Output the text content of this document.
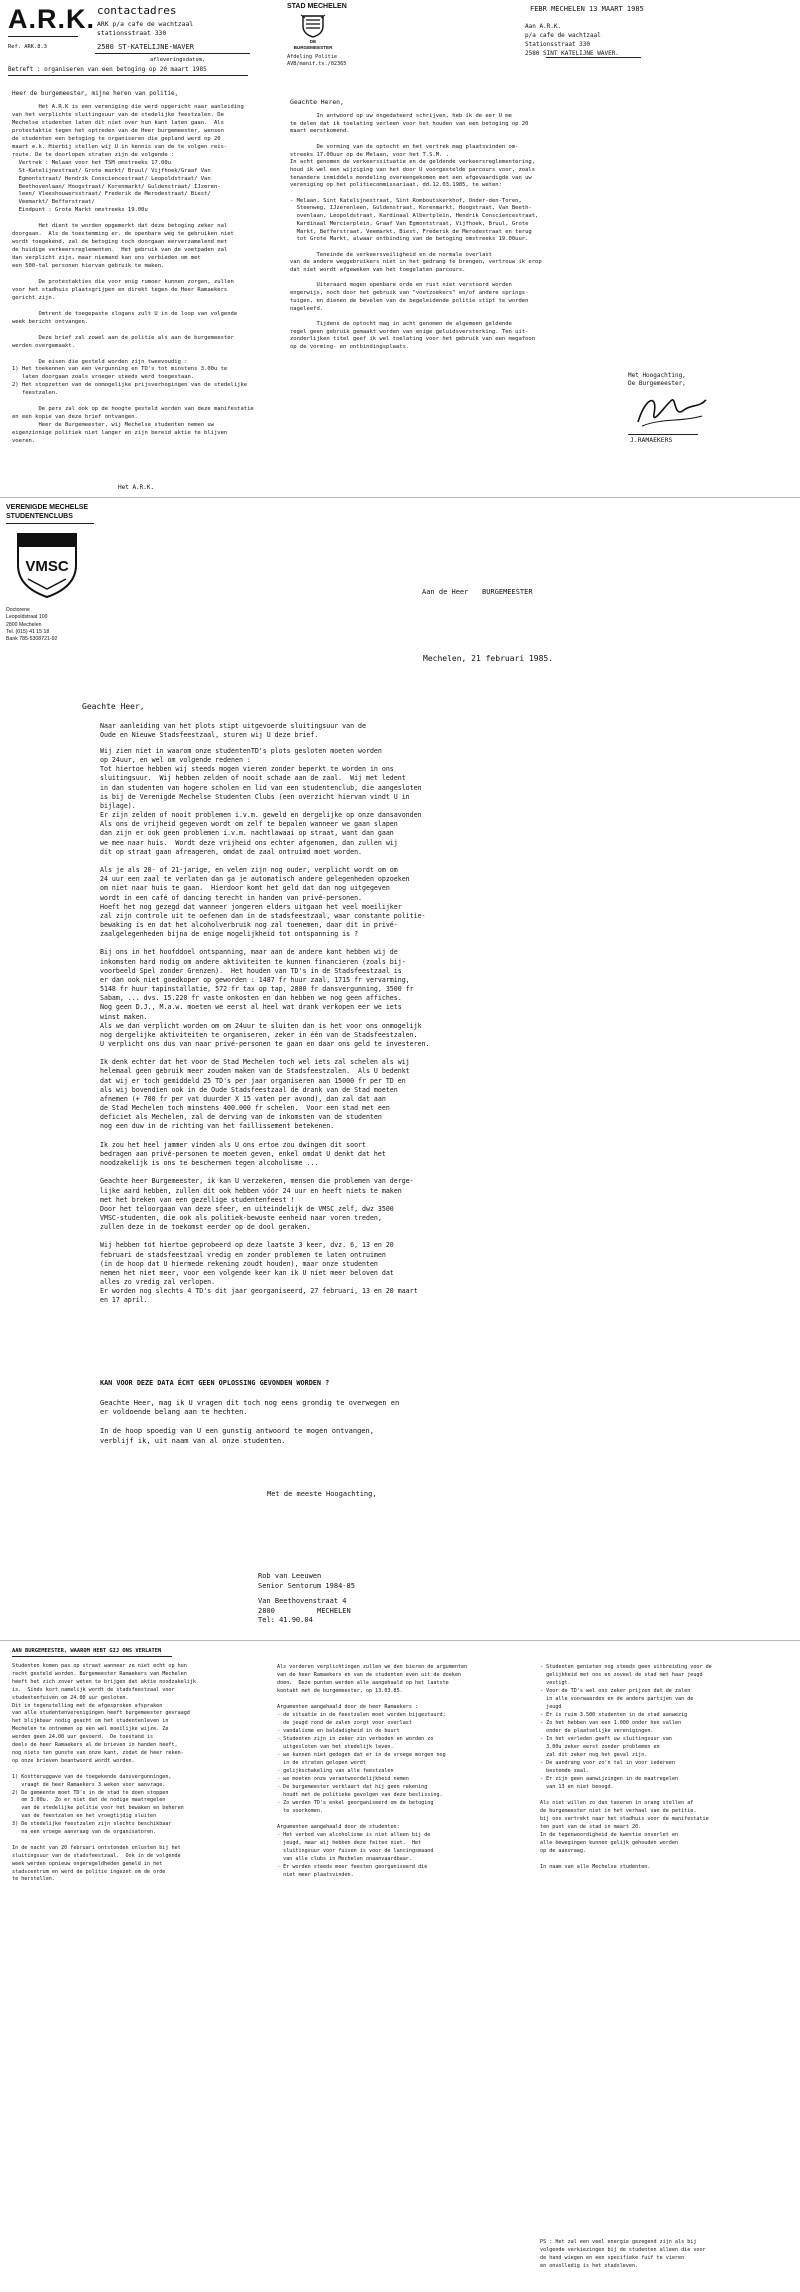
A.R.K. contactadres
ARK p/a cafe de wachtzaal
stationsstraat 330
Ref. ARK.8.3	2580 ST-KATELIJNE-WAVER
afleveringsdatum,
Betreft : organiseren van een betoging op 20 maart 1985
Heer de burgemeester, mijne heren van politie,
Het A.R.K is een vereniging die werd opgericht naar aanleiding
van het verplichte sluitingsuur van de stedelijke feestzalen. De
Mechelse studenten laten dit niet over hun kant laten gaan.  Als
protestaktie tegen het optreden van de Heer burgemeester, wensen
de studenten een betoging te organiseren die gepland werd op 20
maart e.k. Hierbij stellen wij U in kennis van de te volgen reis-
route. De te doorlopen straten zijn de volgende :
Vertrek : Melaan voor het TSM omstreeks 17.00u
St-Katelijnestraat/ Grote markt/ Bruul/ Vijfhoek/Graaf Van
Egmontstraat/ Hendrik Consciencestraat/ Leopoldstraat/ Van
Beethovenlaan/ Hoogstraat/ Korenmarkt/ Guldenstraat/ IJzeren-
leen/ Vleeshouwersstraat/ Frederik de Merodestraat/ Biest/
Veemarkt/ Befferstraat/
Eindpunt : Grote Markt omstreeks 19.00u

Het dient te worden opgemerkt dat deze betoging zeker nal
doorgaan.  Als de toestemming er. de openbare weg te gebruiken niet
wordt toegekend, zal de betoging toch doorgaan eerverzamelend met
de huidige verkeersreglementen.  Het gebruik van de voetpaden zal
dan verplicht zijn, maar niemand kan ons verbieden om met
een 500-tal personen hiervan gebruik te maken.

De protestakties die voor enig rumoer kunnen zorgen, zullen
voor het stadhuis plaatsgrijpen en direkt tegen de Heer Ramaekers
gericht zijn.

Omtrent de toegepaste slogans zult U in de loop van volgende
week bericht ontvangen.

Deze brief zal zowel aan de politie als aan de burgemeester
werden overgemaakt.

De eisen die gesteld worden zijn tweevoudig :
1) Het toekennen van een vergunning en TD's tot minstens 3.00u te
laten doorgaan zoals vroeger steeds werd toegestaan.
2) Het stopzetten van de onmogelijke prijsverhogingen van de stedelijke
feestzalen.

De pers zal ook op de hoogte gesteld worden van deze manifestatie
en een kopie van deze brief ontvangen.
Heer de Burgemeester, wij Mechelse studenten nemen uw
eigenzinnige politiek niet langer en zijn bereid aktie te blijven
voeren.
Het A.R.K.
STAD MECHELEN
DE
BURGEMEESTER
FEBR MECHELEN 13 MAART 1985
Afdeling Politie
AVB/manif.tv./02365
Aan A.R.K.
p/a cafe de wachtzaal
Stationsstraat 330
2580 SINT KATELIJNE WAVER.
Geachte Heren,
In antwoord op uw ongedateerd schrijven, heb ik de eer U me
te delen dat ik toelating verleen voor het houden van een betoging op 20
maart eerstkomend.

De vorming van de optocht en het vertrek mag plaatsvinden om-
streeks 17.00uur op de Melaan, voor het T.S.M. .
In acht genomen de verkeerssituatie en de geldende verkeersreglementering,
houd ik wel een wijziging van het door U voorgestelde parcours voor, zoals
tenandere inmiddels mondeling overeengekomen met een afgevaardigde van uw
vereniging op het politiecommissariaat, dd.12.03.1985, te weten:

- Melaan, Sint Katelijnestraat, Sint Romboutskerkhof, Onder-den-Toren,
Steenweg, IJzerenleen, Guldenstraat, Korenmarkt, Hoogstraat, Van Beeth-
ovenlaan, Leopoldstraat, Kardinaal Albertplein, Hendrik Consciencestraat,
Kardinaal Mercierplein, Graaf Van Egmontstraat, Vijfhoek, Bruul, Grote
Markt, Befferstraat, Veemarkt, Biest, Frederik de Merodestraat en terug
tot Grote Markt, alwaar ontbinding van de betoging omstreeks 19.00uur.

Teneinde de verkeersveiligheid en de normale overlast
van de andere weggebruikers niet in het gedrang te brengen, vertrouw ik erop
dat niet wordt afgeweken van het toegelaten parcours.

Uiteraard mogen openbare orde en rust niet verstoord worden
engerwijs, noch door het gebruik van "voetzoekers" en/of andere springs-
tuigen, en dienen de bevelen van de begeleidende politie stipt te worden
nageleefd.

Tijdens de optocht mag in acht genomen de algemeen geldende
regel geen gebruik gemaakt worden van enige geluidsversterking. Ten uit-
zonderlijken titel geef ik wel toelating voor het gebruik van een megafoon
op de vorming- en ontbindingsplaats.
Met Hoogachting,
De Burgemeester,
J.RAMAEKERS
VERENIGDE MECHELSE
STUDENTENCLUBS
VMSC
Doctorene
Leopoldstraat 100
2800 Mechelen
Tel. (015) 41 15 18
Bank 785-5308721-92
Aan de Heer BURGEMEESTER
Mechelen, 21 februari 1985.
Geachte Heer,
Naar aanleiding van het plots stipt uitgevoerde sluitingsuur van de
Oude en Nieuwe Stadsfeestzaal, sturen wij U deze brief.
Wij zien niet in waarom onze studentenTD's plots gesloten moeten worden
op 24uur, en wel om volgende redenen :
Tot hiertoe hebben wij steeds mogen vieren zonder beperkt te worden in ons
sluitingsuur.  Wij hebben zelden of nooit schade aan de zaal.  Wij met ledent
in dan studenten van hogere scholen en lid van een studentenclub, die aangesloten
is bij de Verenigde Mechelse Studenten Clubs (een overzicht hiervan vindt U in
bijlage).
Er zijn zelden of nooit problemen i.v.m. geweld en dergelijke op onze dansavonden
Als ons de vrijheid gegeven wordt om zelf te bepalen wanneer we gaan slapen
dan zijn er ook geen problemen i.v.m. nachtlawaai op straat, want dan gaan
we mee naar huis.  Wordt deze vrijheid ons echter afgenomen, dan zullen wij
dit op straat gaan afreageren, omdat de zaal ontruimd moet worden.

Als je als 20- of 21-jarige, en velen zijn nog ouder, verplicht wordt om om
24 uur een zaal te verlaten dan ga je automatisch andere gelegenheden opzoeken
om niet naar huis te gaan.  Hierdoor komt het geld dat dan nog uitgegeven
wordt in een café of dancing terecht in handen van privé-personen.
Hoeft het nog gezegd dat wanneer jongeren elders uitgaan het veel moeilijker
zal zijn controle uit te oefenen dan in de stadsfeestzaal, waar constante politie-
bewaking is en dat het alcoholverbruik nog zal toenemen, daar dit in privé-
zaalgelegenheden bijna de enige mogelijkheid tot ontspanning is ?

Bij ons in het hoofddoel ontspanning, maar aan de andere kant hebben wij de
inkomsten hard nodig om andere aktiviteiten te kunnen financieren (zoals bij-
voorbeeld Spel zonder Grenzen).  Het houden van TD's in de Stadsfeestzaal is
er dan ook niet goedkoper op geworden : 1487 fr huur zaal, 1715 fr vervarming,
5148 fr huur tapinstallatie, 572 fr tax op tap, 2800 fr dansvergunning, 3500 fr
Sabam, ... dvs. 15.220 fr vaste onkosten en dan hebben we nog geen affiches.
Nog geen D.J., M.a.w. moeten we eerst al heel wat drank verkopen eer we iets
winst maken.
Als we dan verplicht worden om om 24uur te sluiten dan is het voor ons onmogelijk
nog dergelijke aktiviteiten te organiseren, zeker in één van de Stadsfeestzalen.
U verplicht ons dus van naar privé-personen te gaan en daar ons geld te investeren.

Ik denk echter dat het voor de Stad Mechelen toch wel iets zal schelen als wij
helemaal geen gebruik meer zouden maken van de Stadsfeestzalen.  Als U bedenkt
dat wij er toch gemiddeld 25 TD's per jaar organiseren aan 15000 fr per TD en
als wij bovendien ook in de Oude Stadsfeestzaal de drank van de Stad moeten
afnemen (+ 700 fr per vat duurder X 15 vaten per avond), dan zal dat aan
de Stad Mechelen toch minstens 400.000 fr schelen.  Voor een stad met een
deficiet als Mechelen, zal de derving van de inkomsten van de studenten
nog een duw in de richting van het faillissement betekenen.

Ik zou het heel jammer vinden als U ons ertoe zou dwingen dit soort
bedragen aan privé-personen te moeten geven, enkel omdat U denkt dat het
noodzakelijk is ons te beschermen tegen alcoholisme ...

Geachte heer Burgemeester, ik kan U verzekeren, mensen die problemen van derge-
lijke aard hebben, zullen dit ook hebben vóór 24 uur en heeft niets te maken
met het breken van een gezellige studentenfeest !
Door het teloorgaan van deze sfeer, en uiteindelijk de VMSC zelf, dwz 3500
VMSC-studenten, die ook als politiek-bewuste eenheid naar voren treden,
zullen deze in de toekomst eerder op de dool geraken.

Wij hebben tot hiertoe geprobeerd op deze laatste 3 keer, dvz. 6, 13 en 20
februari de stadsfeestzaal vredig en zonder problemen te laten ontruimen
(in de hoop dat U hiermede rekening zoudt houden), maar onze studenten
nemen het niet meer, voor een volgende keer kan ik U niet meer beloven dat
alles zo vredig zal verlopen.
Er worden nog slechts 4 TD's dit jaar georganiseerd, 27 februari, 13 en 20 maart
en 17 april.
KAN VOOR DEZE DATA ÉCHT GEEN OPLOSSING GEVONDEN WORDEN ?
Geachte Heer, mag ik U vragen dit toch nog eens grondig te overwegen en
er voldoende belang aan te hechten.

In de hoop spoedig van U een gunstig antwoord te mogen ontvangen,
verblijf ik, uit naam van al onze studenten.
Met de meeste Hoogachting,
Rob van Leeuwen
Senior Sentorum 1984-85
Van Beethovenstraat 4
2800          MECHELEN
Tel: 41.90.04
AAN BURGEMEESTER, WAAROM HEBT GIJ ONS VERLATEN
Studenten komen pas op straat wanneer ze niet echt op hun
recht gesteld worden. Burgemeester Ramaekers van Mechelen
heeft het zich zover weten te brijgen dat aktie noodzakelijk
is.  Sinds kort namelijk wordt de stadsfeestzaal voor
studentenfuiven om 24.00 uur gesloten.
Dit in tegenstelling met de afgesproken afspraken
van alle studentenverenigingen heeft burgemeester gevraagd
het blijkbaar nodig geacht om het studentenleven in
Mechelen te ontnemen op een wel moeilijke wijze. Ze
werden geen 24.00 uur gevoerd.  De toestand is
deels de heer Ramaekers al de brieven in handen heeft,
nog niets ten gunste van onze kant, zodat de heer reken-
op onze brieven beantwoord wordt worden.

1) Kostteruggave van de toegekende dansvergunningen,
vraagt de heer Ramaekers 3 weken voor aanvrage.
2) De gemeente moet TD's in de stad te doen stoppen
om 3.00u.  Zo er niet dat de nodige maatregelen
van de stedelijke politie voor het bewaken en beheren
van de feestzalen en het vroegtijdig sluiten
3) De stedelijke feestzalen zijn slechts beschikbaar
na een vroege aanvraag van de organisatoren.

In de nacht van 20 februari ontstonden onlusten bij het
sluitingsuur van de stadsfeestzaal.  Ook in de volgende
week werden opnieuw ongeregeldheden gemeld in het
stadscentrum en werd de politie ingezet om de orde
te herstellen.
Als vorderen verplichtingen zullen we den bieren de argumenten
van de heer Ramaekers en van de studenten even uit de doeken
doen.  Deze punten werden alle aangehaald op het laatste
kontakt met de burgemeester, op 13.03.85.

Argumenten aangehaald door de heer Ramaekers :
- de situatie in de feestzalen moet worden bijgestuurd;
de jeugd rond de zalen zorgt voor overlast
- vandalisme en baldadigheid in de buurt
- Studenten zijn in zeker zin verboden en worden zo
uitgesloten van het stedelijk leven.
- we kunnen niet gedogen dat er in de vroege morgen nog
in de straten gelopen wordt
- gelijkschakeling van alle feestzalen
- we moeten onze verantwoordelijkheid nemen
- De burgemeester verklaart dat hij geen rekening
houdt met de politieke gevolgen van deze beslissing.
- Zo werden TD's enkel georganiseerd om de betoging
te voorkomen.

Argumenten aangehaald door de studenten:
- Het verbod van alcoholisme is niet alleen bij de
jeugd, maar wij hebben deze feiten niet.  Het
sluitingsuur voor fuiven is voor de lancingsmaand
van alle clubs in Mechelen onaanvaardbaar.
- Er worden steeds meer feesten georganiseerd die
niet meer plaatsvinden.
- Studenten genieten nog steeds geen uitbreiding voor de
gelijkheid met ons en zoveel de stad met haar jeugd
vestigt.
- Voor de TD's wel ons zeker prijzen dat de zalen
in alle voorwaarden en de andere partijen van de
jeugd
- Er is ruim 3.500 studenten in de stad aanwezig
- Zo het hebben van een 1.000 onder hen vallen
onder de plaatselijke verenigingen.
- In het verleden geeft uw sluitingsuur van
3.00u zeker eerst zonder problemen en
zal dit zeker nog het geval zijn.
- De aandrang voor zo'n tal in voor iedereen
bestemde zaal.
- Er zijn geen aanwijzingen in de maatregelen
van 13 en niet beoogd.

Als niet willen zo dan taxeren in orang stellen af
de burgemeester niet in het verhaal van de petitie.
bij ons vertrekt naar het stadhuis voor de manifestatie
ten punt van de stad in maart 20.
In de tegenwoordigheid de kwestie onverlet en
alle bewegingen kunnen gelijk gehouden worden
op de aanvraag.

In naam van alle Mechelse studenten.
PS : Het zal een veel energie gezegend zijn als bij
volgende verkiezingen bij de studenten alleen die voor
de hand wiegen en een specifieke fuif te vieren
en onvolledig is het stadsleven.
